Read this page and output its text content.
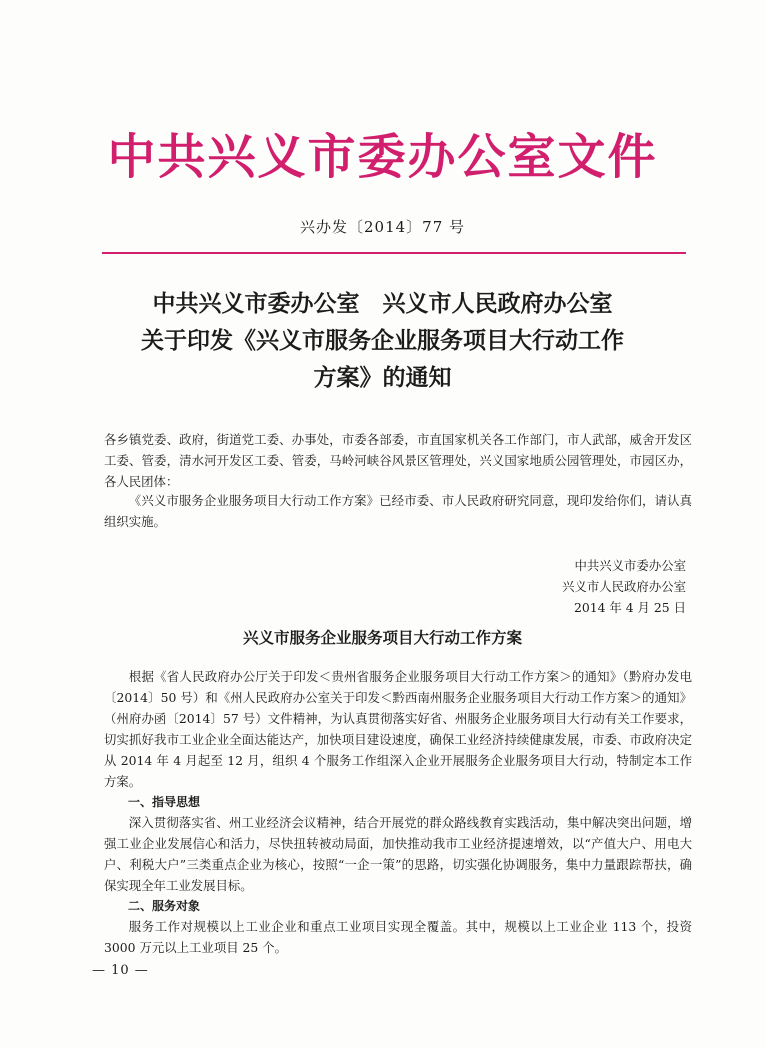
中共兴义市委办公室文件
兴办发〔2014〕77 号
中共兴义市委办公室　兴义市人民政府办公室
关于印发《兴义市服务企业服务项目大行动工作
方案》的通知

各乡镇党委、政府，街道党工委、办事处，市委各部委，市直国家机关各工作部门，市人武部，威舍开发区工委、管委，清水河开发区工委、管委，马岭河峡谷风景区管理处，兴义国家地质公园管理处，市园区办，各人民团体：

《兴义市服务企业服务项目大行动工作方案》已经市委、市人民政府研究同意，现印发给你们，请认真组织实施。

中共兴义市委办公室
兴义市人民政府办公室
2014 年 4 月 25 日
兴义市服务企业服务项目大行动工作方案

根据《省人民政府办公厅关于印发＜贵州省服务企业服务项目大行动工作方案＞的通知》（黔府办发电〔2014〕50 号）和《州人民政府办公室关于印发＜黔西南州服务企业服务项目大行动工作方案＞的通知》（州府办函〔2014〕57 号）文件精神，为认真贯彻落实好省、州服务企业服务项目大行动有关工作要求，切实抓好我市工业企业全面达能达产，加快项目建设速度，确保工业经济持续健康发展，市委、市政府决定从 2014 年 4 月起至 12 月，组织 4 个服务工作组深入企业开展服务企业服务项目大行动，特制定本工作方案。

一、指导思想

深入贯彻落实省、州工业经济会议精神，结合开展党的群众路线教育实践活动，集中解决突出问题，增强工业企业发展信心和活力，尽快扭转被动局面，加快推动我市工业经济提速增效，以“产值大户、用电大户、利税大户”三类重点企业为核心，按照“一企一策”的思路，切实强化协调服务，集中力量跟踪帮扶，确保实现全年工业发展目标。

二、服务对象

服务工作对规模以上工业企业和重点工业项目实现全覆盖。其中，规模以上工业企业 113 个，投资 3000 万元以上工业项目 25 个。

— 10 —
